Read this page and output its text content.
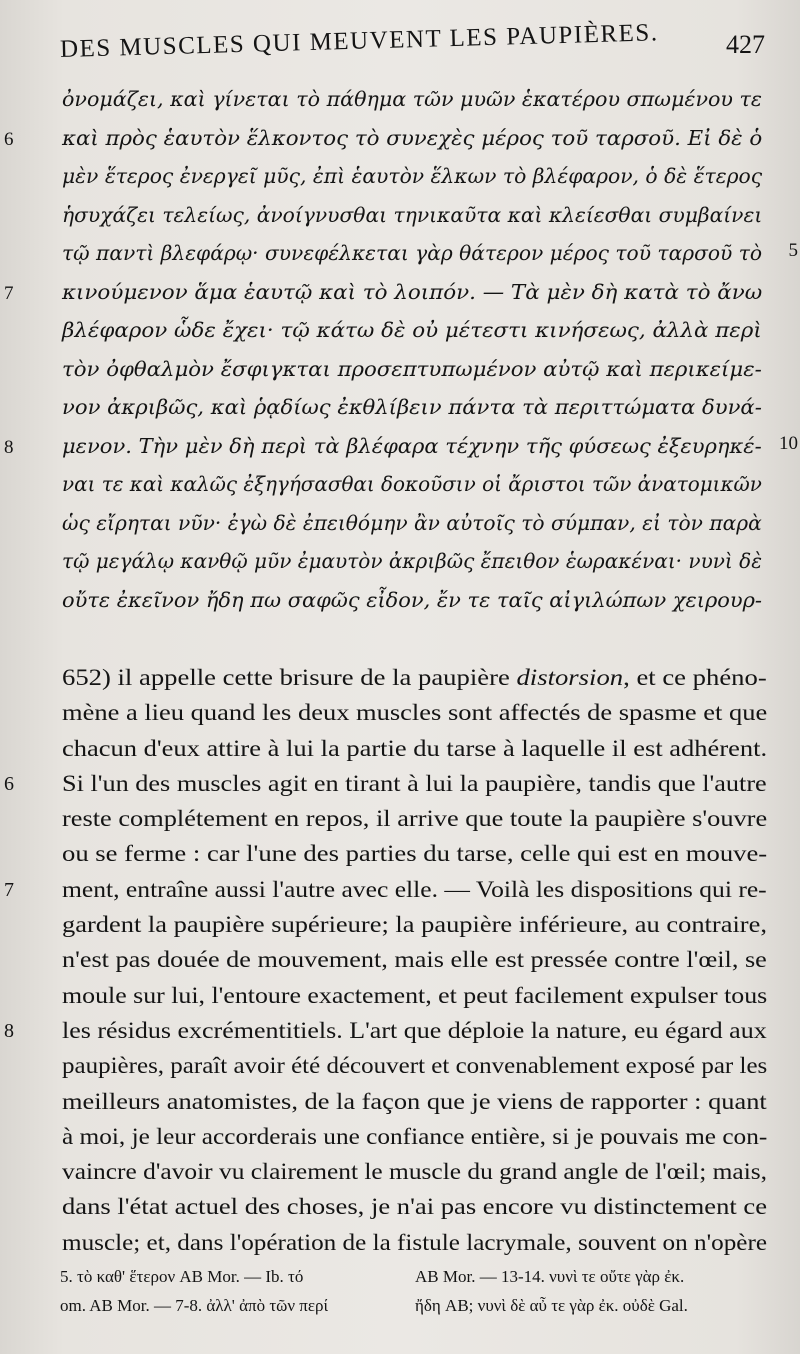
DES MUSCLES QUI MEUVENT LES PAUPIÈRES.	427
ὀνομάζει, καὶ γίνεται τὸ πάθημα τῶν μυῶν ἑκατέρου σπωμένου τε
καὶ πρὸς ἑαυτὸν ἕλκοντος τὸ συνεχὲς μέρος τοῦ ταρσοῦ. Εἰ δὲ ὁ
6
μὲν ἕτερος ἐνεργεῖ μῦς, ἐπὶ ἑαυτὸν ἕλκων τὸ βλέφαρον, ὁ δὲ ἕτερος
ἡσυχάζει τελείως, ἀνοίγνυσθαι τηνικαῦτα καὶ κλείεσθαι συμβαίνει
τῷ παντὶ βλεφάρῳ· συνεφέλκεται γὰρ θάτερον μέρος τοῦ ταρσοῦ τὸ 5
κινούμενον ἅμα ἑαυτῷ καὶ τὸ λοιπόν. — Τὰ μὲν δὴ κατὰ τὸ ἄνω
7
βλέφαρον ὧδε ἔχει· τῷ κάτω δὲ οὐ μέτεστι κινήσεως, ἀλλὰ περὶ
τὸν ὀφθαλμὸν ἔσφιγκται προσεπτυπωμένον αὐτῷ καὶ περικείμε-
νον ἀκριβῶς, καὶ ῥᾳδίως ἐκθλίβειν πάντα τὰ περιττώματα δυνά-
μενον. Τὴν μὲν δὴ περὶ τὰ βλέφαρα τέχνην τῆς φύσεως ἐξευρηκέ-
8	10
ναι τε καὶ καλῶς ἐξηγήσασθαι δοκοῦσιν οἱ ἄριστοι τῶν ἀνατομικῶν
ὡς εἴρηται νῦν· ἐγὼ δὲ ἐπειθόμην ἂν αὐτοῖς τὸ σύμπαν, εἰ τὸν παρὰ
τῷ μεγάλῳ κανθῷ μῦν ἐμαυτὸν ἀκριβῶς ἔπειθον ἑωρακέναι· νυνὶ δὲ
οὔτε ἐκεῖνον ἤδη πω σαφῶς εἶδον, ἔν τε ταῖς αἰγιλώπων χειρουρ-
652) il appelle cette brisure de la paupière distorsion, et ce phéno-
mène a lieu quand les deux muscles sont affectés de spasme et que
chacun d'eux attire à lui la partie du tarse à laquelle il est adhérent.
Si l'un des muscles agit en tirant à lui la paupière, tandis que l'autre
6
reste complétement en repos, il arrive que toute la paupière s'ouvre
ou se ferme : car l'une des parties du tarse, celle qui est en mouve-
ment, entraîne aussi l'autre avec elle. — Voilà les dispositions qui re-
7
gardent la paupière supérieure; la paupière inférieure, au contraire,
n'est pas douée de mouvement, mais elle est pressée contre l'œil, se
moule sur lui, l'entoure exactement, et peut facilement expulser tous
les résidus excrémentitiels. L'art que déploie la nature, eu égard aux
8
paupières, paraît avoir été découvert et convenablement exposé par les
meilleurs anatomistes, de la façon que je viens de rapporter : quant
à moi, je leur accorderais une confiance entière, si je pouvais me con-
vaincre d'avoir vu clairement le muscle du grand angle de l'œil; mais,
dans l'état actuel des choses, je n'ai pas encore vu distinctement ce
muscle; et, dans l'opération de la fistule lacrymale, souvent on n'opère
5. τὸ καθ' ἕτερον AB Mor. — Ib. τό	AB Mor. — 13-14. νυνὶ τε οὔτε γὰρ ἐκ.
om. AB Mor. — 7-8. ἀλλ' ἀπὸ τῶν περί	ἤδη AB; νυνὶ δὲ αὖ τε γὰρ ἐκ. οὐδὲ Gal.
